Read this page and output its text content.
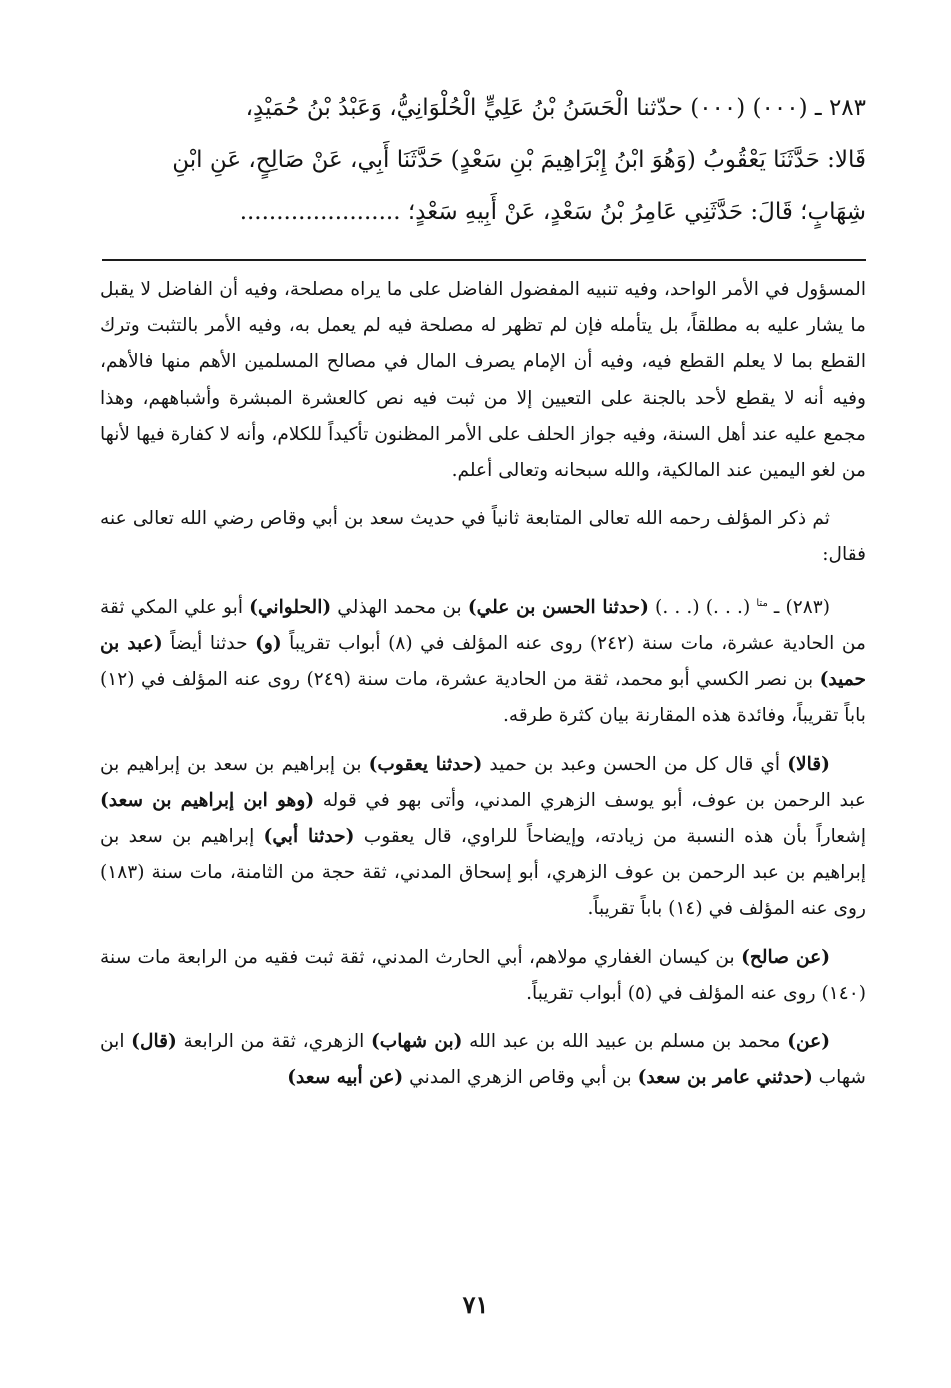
٢٨٣ ـ (٠٠٠) (٠٠٠) حدّثنا الْحَسَنُ بْنُ عَلِيٍّ الْحُلْوَانِيُّ، وَعَبْدُ بْنُ حُمَيْدٍ،

قَالا: حَدَّثَنَا يَعْقُوبُ (وَهُوَ ابْنُ إِبْرَاهِيمَ بْنِ سَعْدٍ) حَدَّثَنَا أَبِي، عَنْ صَالِحٍ، عَنِ ابْنِ

شِهَابٍ؛ قَالَ: حَدَّثَنِي عَامِرُ بْنُ سَعْدٍ، عَنْ أَبِيهِ سَعْدٍ؛ ......................

المسؤول في الأمر الواحد، وفيه تنبيه المفضول الفاضل على ما يراه مصلحة، وفيه أن الفاضل لا يقبل ما يشار عليه به مطلقاً، بل يتأمله فإن لم تظهر له مصلحة فيه لم يعمل به، وفيه الأمر بالتثبت وترك القطع بما لا يعلم القطع فيه، وفيه أن الإمام يصرف المال في مصالح المسلمين الأهم منها فالأهم، وفيه أنه لا يقطع لأحد بالجنة على التعيين إلا من ثبت فيه نص كالعشرة المبشرة وأشباههم، وهذا مجمع عليه عند أهل السنة، وفيه جواز الحلف على الأمر المظنون تأكيداً للكلام، وأنه لا كفارة فيها لأنها من لغو اليمين عند المالكية، والله سبحانه وتعالى أعلم.

ثم ذكر المؤلف رحمه الله تعالى المتابعة ثانياً في حديث سعد بن أبي وقاص رضي الله تعالى عنه فقال:

(٢٨٣) ـ $^{متا}$ (. . .) (. . .) (حدثنا الحسن بن علي) بن محمد الهذلي (الحلواني) أبو علي المكي ثقة من الحادية عشرة، مات سنة (٢٤٢) روى عنه المؤلف في (٨) أبواب تقريباً (و) حدثنا أيضاً (عبد بن حميد) بن نصر الكسي أبو محمد، ثقة من الحادية عشرة، مات سنة (٢٤٩) روى عنه المؤلف في (١٢) باباً تقريباً، وفائدة هذه المقارنة بيان كثرة طرقه.

(قالا) أي قال كل من الحسن وعبد بن حميد (حدثنا يعقوب) بن إبراهيم بن سعد بن إبراهيم بن عبد الرحمن بن عوف، أبو يوسف الزهري المدني، وأتى بهو في قوله (وهو ابن إبراهيم بن سعد) إشعاراً بأن هذه النسبة من زيادته، وإيضاحاً للراوي، قال يعقوب (حدثنا أبي) إبراهيم بن سعد بن إبراهيم بن عبد الرحمن بن عوف الزهري، أبو إسحاق المدني، ثقة حجة من الثامنة، مات سنة (١٨٣) روى عنه المؤلف في (١٤) باباً تقريباً.

(عن صالح) بن كيسان الغفاري مولاهم، أبي الحارث المدني، ثقة ثبت فقيه من الرابعة مات سنة (١٤٠) روى عنه المؤلف في (٥) أبواب تقريباً.

(عن) محمد بن مسلم بن عبيد الله بن عبد الله (بن شهاب) الزهري، ثقة من الرابعة (قال) ابن شهاب (حدثني عامر بن سعد) بن أبي وقاص الزهري المدني (عن أبيه سعد)

٧١
